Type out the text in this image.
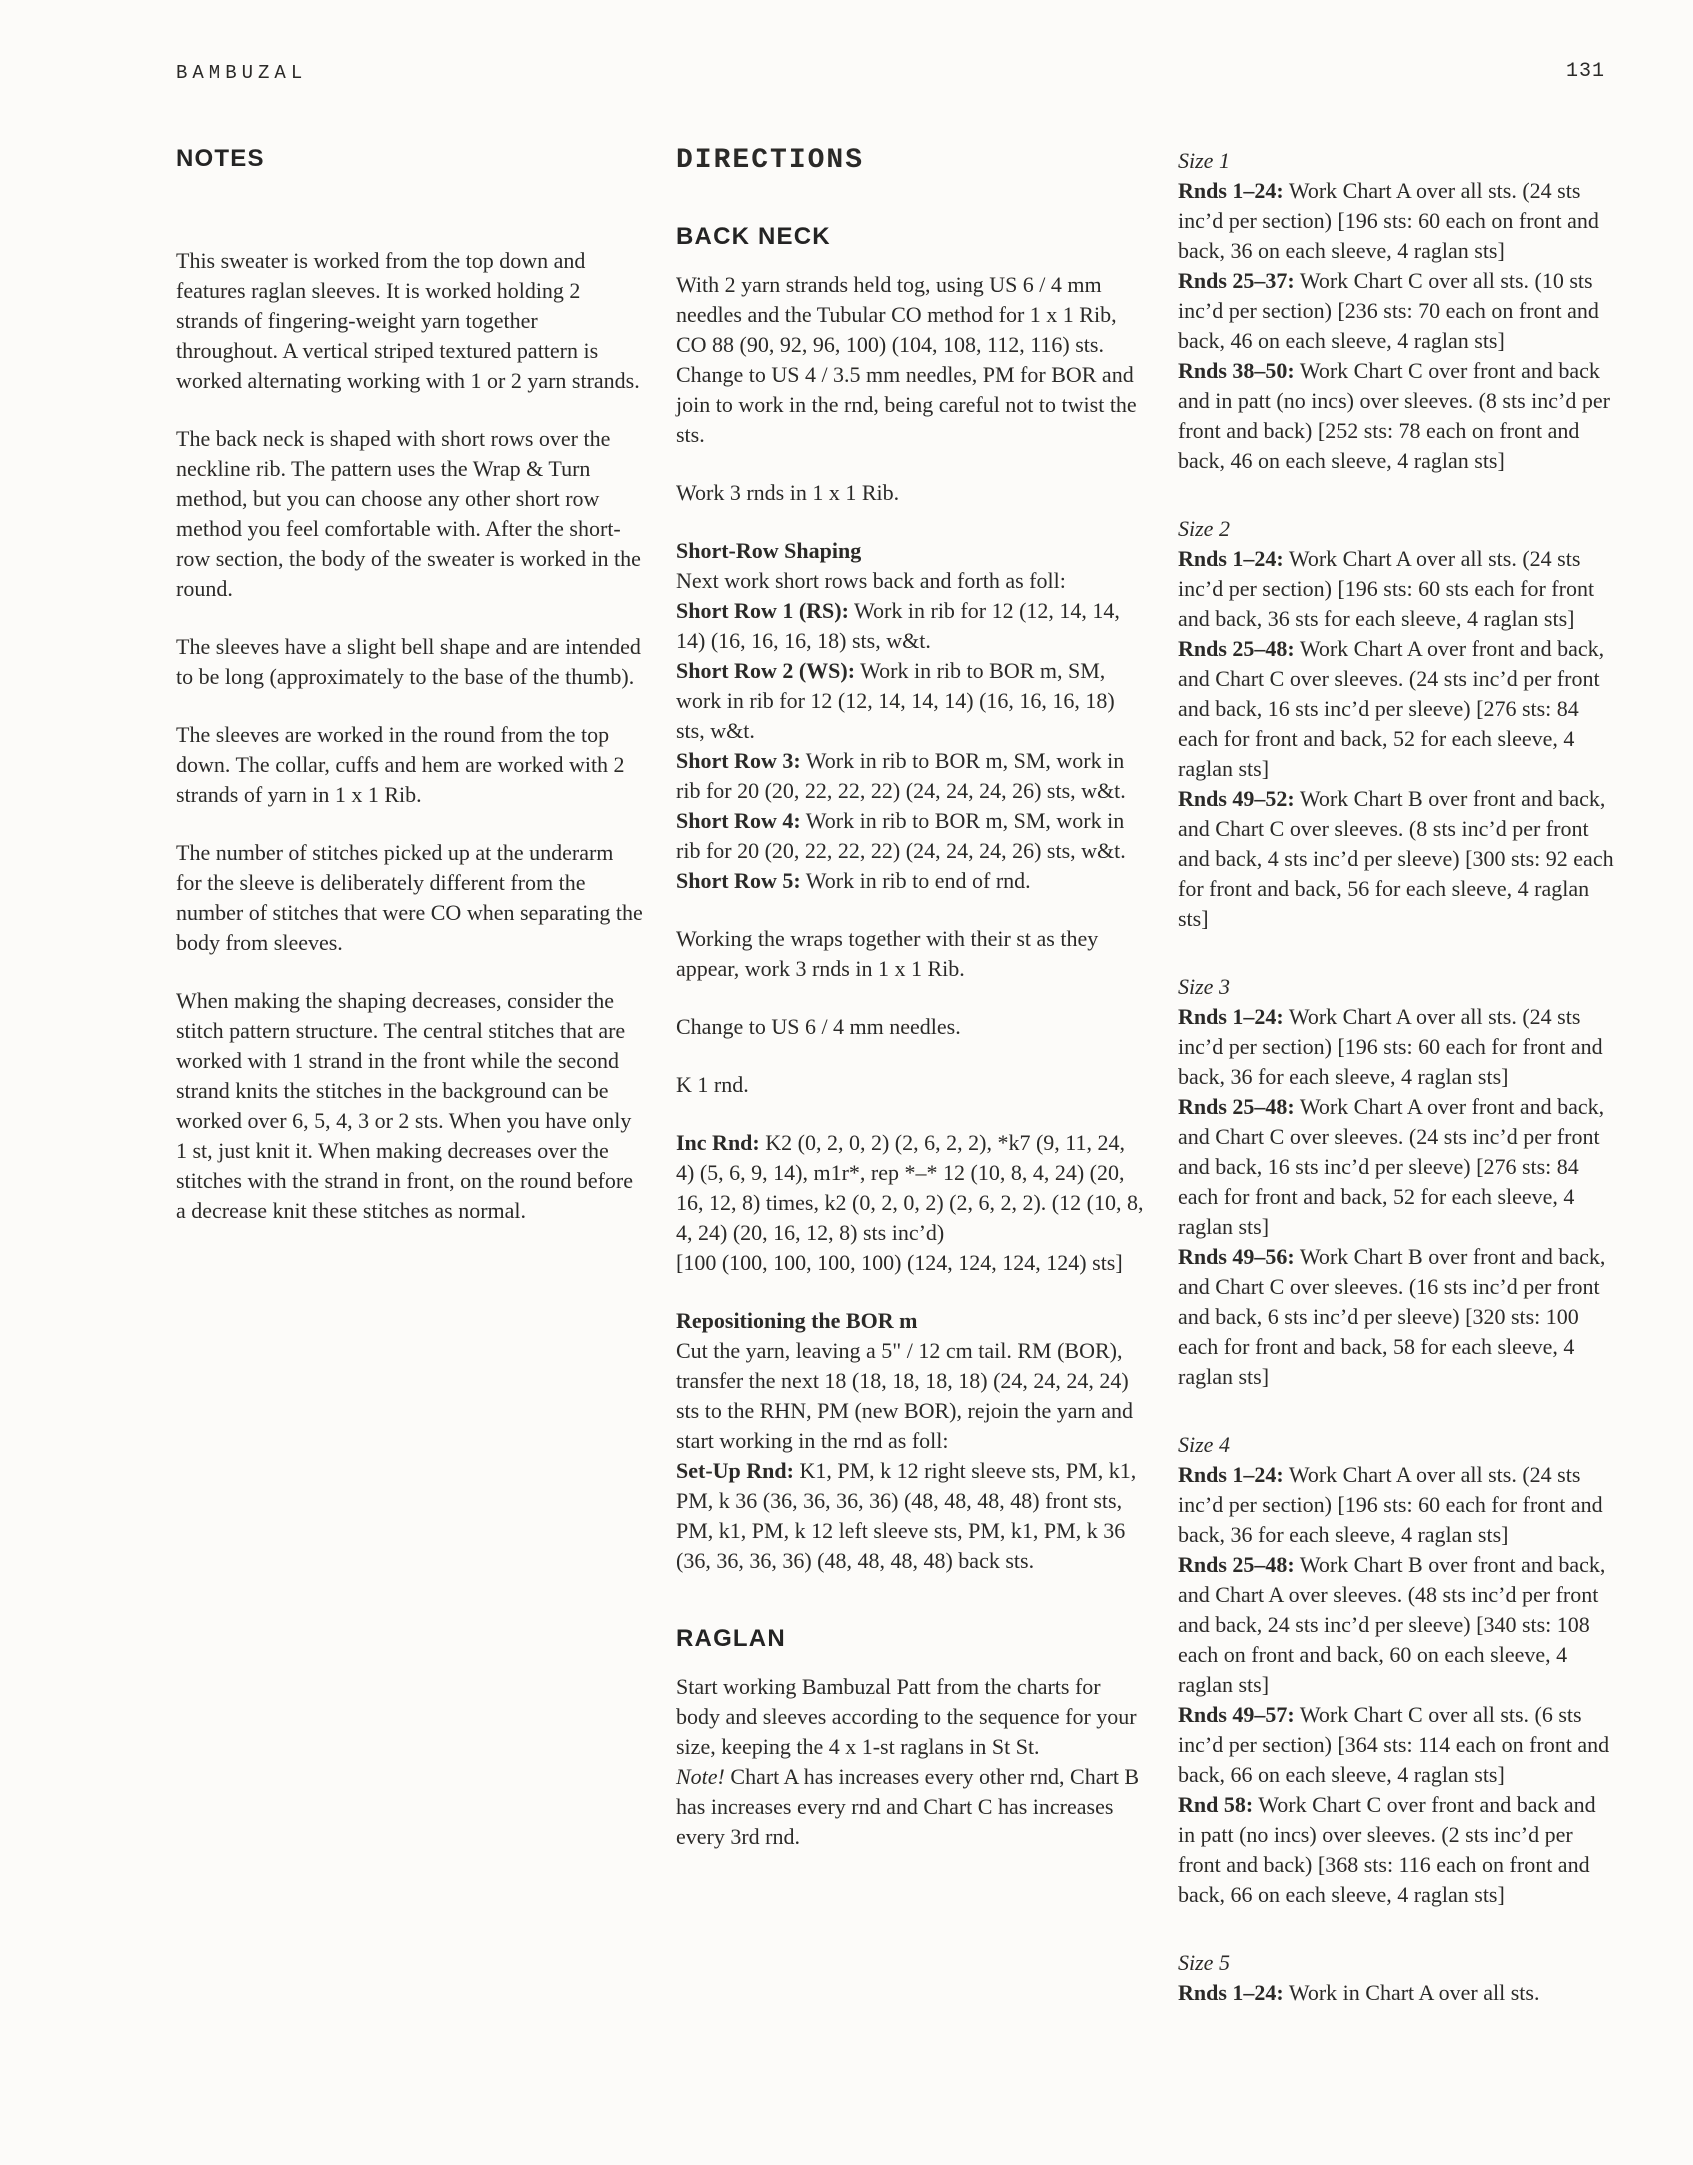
BAMBUZAL	131
NOTES

This sweater is worked from the top down and features raglan sleeves. It is worked holding 2 strands of fingering-weight yarn together throughout. A vertical striped textured pattern is worked alternating working with 1 or 2 yarn strands.

The back neck is shaped with short rows over the neckline rib. The pattern uses the Wrap & Turn method, but you can choose any other short row method you feel comfortable with. After the short-row section, the body of the sweater is worked in the round.

The sleeves have a slight bell shape and are intended to be long (approximately to the base of the thumb).

The sleeves are worked in the round from the top down. The collar, cuffs and hem are worked with 2 strands of yarn in 1 x 1 Rib.

The number of stitches picked up at the underarm for the sleeve is deliberately different from the number of stitches that were CO when separating the body from sleeves.

When making the shaping decreases, consider the stitch pattern structure. The central stitches that are worked with 1 strand in the front while the second strand knits the stitches in the background can be worked over 6, 5, 4, 3 or 2 sts. When you have only 1 st, just knit it. When making decreases over the stitches with the strand in front, on the round before a decrease knit these stitches as normal.

DIRECTIONS
BACK NECK

With 2 yarn strands held tog, using US 6 / 4 mm needles and the Tubular CO method for 1 x 1 Rib, CO 88 (90, 92, 96, 100) (104, 108, 112, 116) sts. Change to US 4 / 3.5 mm needles, PM for BOR and join to work in the rnd, being careful not to twist the sts.

Work 3 rnds in 1 x 1 Rib.

Short-Row Shaping
Next work short rows back and forth as foll:
Short Row 1 (RS): Work in rib for 12 (12, 14, 14, 14) (16, 16, 16, 18) sts, w&t.
Short Row 2 (WS): Work in rib to BOR m, SM, work in rib for 12 (12, 14, 14, 14) (16, 16, 16, 18) sts, w&t.
Short Row 3: Work in rib to BOR m, SM, work in rib for 20 (20, 22, 22, 22) (24, 24, 24, 26) sts, w&t.
Short Row 4: Work in rib to BOR m, SM, work in rib for 20 (20, 22, 22, 22) (24, 24, 24, 26) sts, w&t.
Short Row 5: Work in rib to end of rnd.

Working the wraps together with their st as they appear, work 3 rnds in 1 x 1 Rib.

Change to US 6 / 4 mm needles.

K 1 rnd.

Inc Rnd: K2 (0, 2, 0, 2) (2, 6, 2, 2), *k7 (9, 11, 24, 4) (5, 6, 9, 14), m1r*, rep *–* 12 (10, 8, 4, 24) (20, 16, 12, 8) times, k2 (0, 2, 0, 2) (2, 6, 2, 2). (12 (10, 8, 4, 24) (20, 16, 12, 8) sts inc’d)
[100 (100, 100, 100, 100) (124, 124, 124, 124) sts]
Repositioning the BOR m
Cut the yarn, leaving a 5" / 12 cm tail. RM (BOR), transfer the next 18 (18, 18, 18, 18) (24, 24, 24, 24) sts to the RHN, PM (new BOR), rejoin the yarn and start working in the rnd as foll:
Set-Up Rnd: K1, PM, k 12 right sleeve sts, PM, k1, PM, k 36 (36, 36, 36, 36) (48, 48, 48, 48) front sts, PM, k1, PM, k 12 left sleeve sts, PM, k1, PM, k 36 (36, 36, 36, 36) (48, 48, 48, 48) back sts.
RAGLAN
Start working Bambuzal Patt from the charts for body and sleeves according to the sequence for your size, keeping the 4 x 1-st raglans in St St.
Note! Chart A has increases every other rnd, Chart B has increases every rnd and Chart C has increases every 3rd rnd.
Size 1
Rnds 1–24: Work Chart A over all sts. (24 sts inc’d per section) [196 sts: 60 each on front and back, 36 on each sleeve, 4 raglan sts]
Rnds 25–37: Work Chart C over all sts. (10 sts inc’d per section) [236 sts: 70 each on front and back, 46 on each sleeve, 4 raglan sts]
Rnds 38–50: Work Chart C over front and back and in patt (no incs) over sleeves. (8 sts inc’d per front and back) [252 sts: 78 each on front and back, 46 on each sleeve, 4 raglan sts]
Size 2
Rnds 1–24: Work Chart A over all sts. (24 sts inc’d per section) [196 sts: 60 sts each for front and back, 36 sts for each sleeve, 4 raglan sts]
Rnds 25–48: Work Chart A over front and back, and Chart C over sleeves. (24 sts inc’d per front and back, 16 sts inc’d per sleeve) [276 sts: 84 each for front and back, 52 for each sleeve, 4 raglan sts]
Rnds 49–52: Work Chart B over front and back, and Chart C over sleeves. (8 sts inc’d per front and back, 4 sts inc’d per sleeve) [300 sts: 92 each for front and back, 56 for each sleeve, 4 raglan sts]
Size 3
Rnds 1–24: Work Chart A over all sts. (24 sts inc’d per section) [196 sts: 60 each for front and back, 36 for each sleeve, 4 raglan sts]
Rnds 25–48: Work Chart A over front and back, and Chart C over sleeves. (24 sts inc’d per front and back, 16 sts inc’d per sleeve) [276 sts: 84 each for front and back, 52 for each sleeve, 4 raglan sts]
Rnds 49–56: Work Chart B over front and back, and Chart C over sleeves. (16 sts inc’d per front and back, 6 sts inc’d per sleeve) [320 sts: 100 each for front and back, 58 for each sleeve, 4 raglan sts]
Size 4
Rnds 1–24: Work Chart A over all sts. (24 sts inc’d per section) [196 sts: 60 each for front and back, 36 for each sleeve, 4 raglan sts]
Rnds 25–48: Work Chart B over front and back, and Chart A over sleeves. (48 sts inc’d per front and back, 24 sts inc’d per sleeve) [340 sts: 108 each on front and back, 60 on each sleeve, 4 raglan sts]
Rnds 49–57: Work Chart C over all sts. (6 sts inc’d per section) [364 sts: 114 each on front and back, 66 on each sleeve, 4 raglan sts]
Rnd 58: Work Chart C over front and back and in patt (no incs) over sleeves. (2 sts inc’d per front and back) [368 sts: 116 each on front and back, 66 on each sleeve, 4 raglan sts]
Size 5
Rnds 1–24: Work in Chart A over all sts.
